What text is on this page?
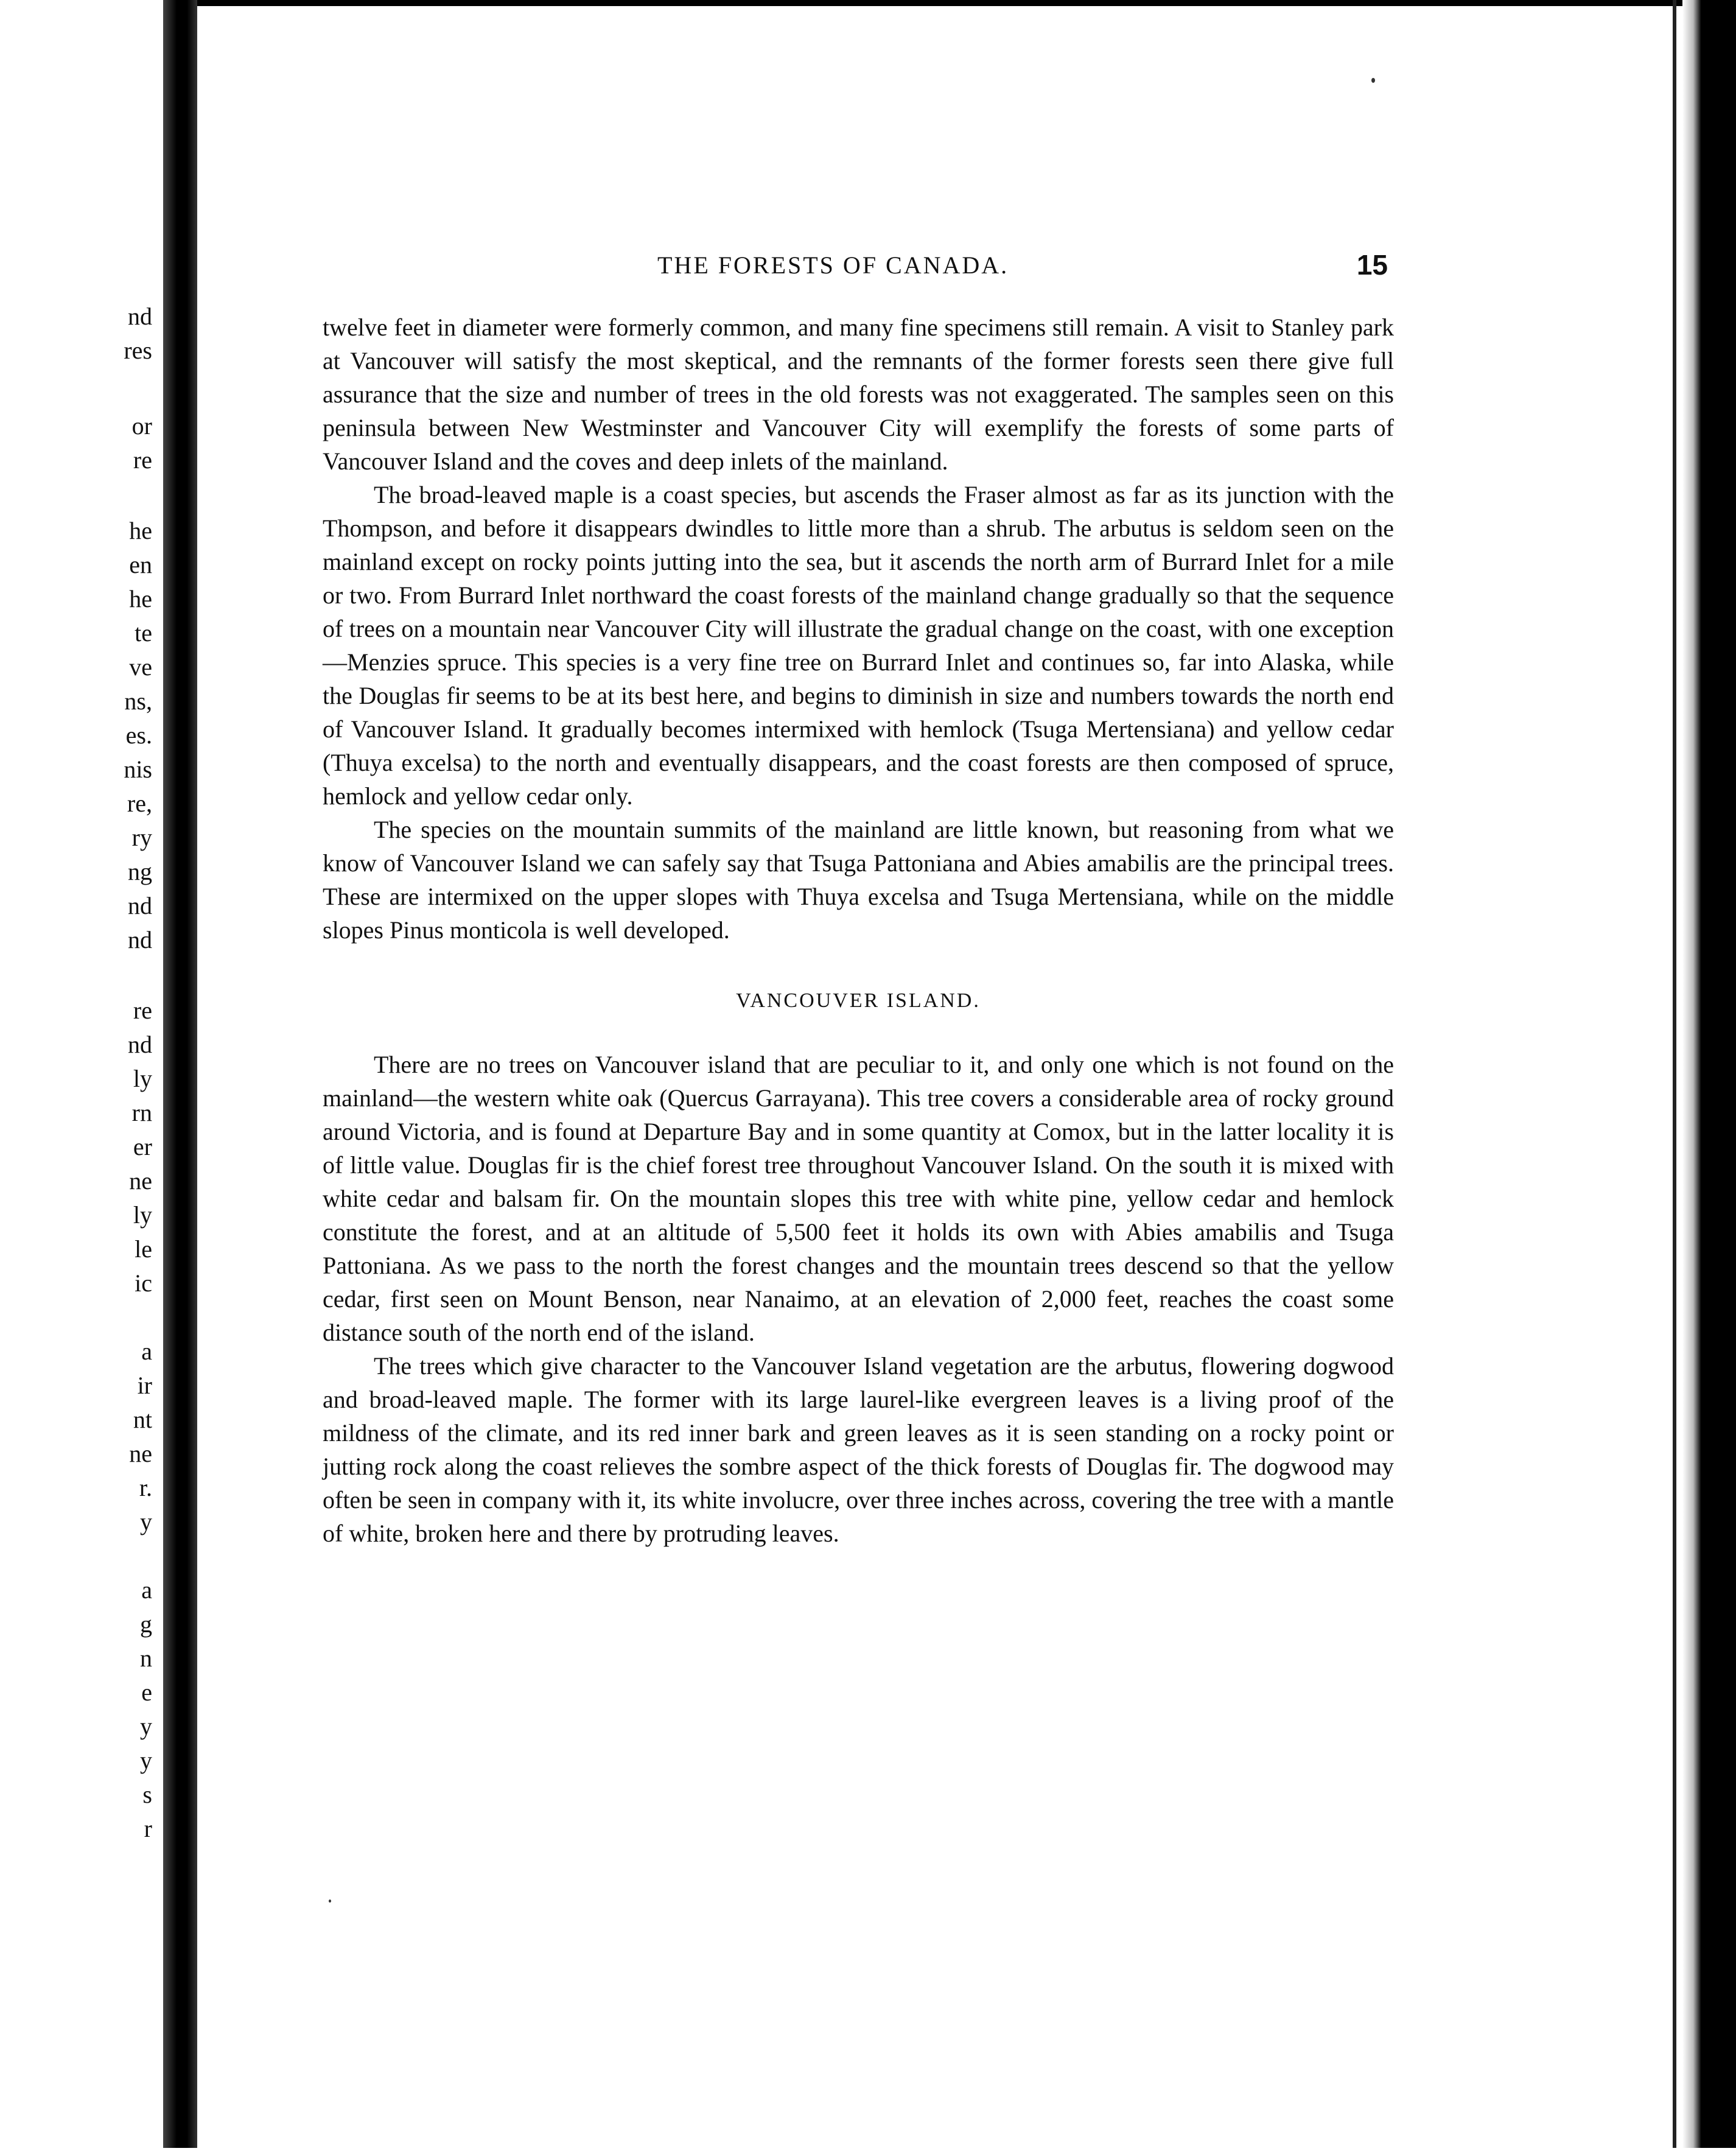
nd
res
or
re
he
en
he
te
ve
ns,
es.
nis
re,
ry
ng
nd
nd
re
nd
ly
rn
er
ne
ly
le
ic
a
ir
nt
ne
r.
y
a
g
n
e
y
y
s
r
THE FORESTS OF CANADA.	15

twelve feet in diameter were formerly common, and many fine specimens still remain. A visit to Stanley park at Vancouver will satisfy the most skeptical, and the remnants of the former forests seen there give full assurance that the size and number of trees in the old forests was not exaggerated. The samples seen on this peninsula between New Westminster and Vancouver City will exemplify the forests of some parts of Vancouver Island and the coves and deep inlets of the mainland.

The broad-leaved maple is a coast species, but ascends the Fraser almost as far as its junction with the Thompson, and before it disappears dwindles to little more than a shrub. The arbutus is seldom seen on the mainland except on rocky points jutting into the sea, but it ascends the north arm of Burrard Inlet for a mile or two. From Burrard Inlet northward the coast forests of the mainland change gradually so that the sequence of trees on a mountain near Vancouver City will illustrate the gradual change on the coast, with one exception—Menzies spruce. This species is a very fine tree on Burrard Inlet and continues so, far into Alaska, while the Douglas fir seems to be at its best here, and begins to diminish in size and numbers towards the north end of Vancouver Island. It gradually becomes intermixed with hemlock (Tsuga Mertensiana) and yellow cedar (Thuya excelsa) to the north and eventually disappears, and the coast forests are then composed of spruce, hemlock and yellow cedar only.

The species on the mountain summits of the mainland are little known, but reasoning from what we know of Vancouver Island we can safely say that Tsuga Pattoniana and Abies amabilis are the principal trees. These are intermixed on the upper slopes with Thuya excelsa and Tsuga Mertensiana, while on the middle slopes Pinus monticola is well developed.

VANCOUVER ISLAND.

There are no trees on Vancouver island that are peculiar to it, and only one which is not found on the mainland—the western white oak (Quercus Garrayana). This tree covers a considerable area of rocky ground around Victoria, and is found at Departure Bay and in some quantity at Comox, but in the latter locality it is of little value. Douglas fir is the chief forest tree throughout Vancouver Island. On the south it is mixed with white cedar and balsam fir. On the mountain slopes this tree with white pine, yellow cedar and hemlock constitute the forest, and at an altitude of 5,500 feet it holds its own with Abies amabilis and Tsuga Pattoniana. As we pass to the north the forest changes and the mountain trees descend so that the yellow cedar, first seen on Mount Benson, near Nanaimo, at an elevation of 2,000 feet, reaches the coast some distance south of the north end of the island.

The trees which give character to the Vancouver Island vegetation are the arbutus, flowering dogwood and broad-leaved maple. The former with its large laurel-like evergreen leaves is a living proof of the mildness of the climate, and its red inner bark and green leaves as it is seen standing on a rocky point or jutting rock along the coast relieves the sombre aspect of the thick forests of Douglas fir. The dogwood may often be seen in company with it, its white involucre, over three inches across, covering the tree with a mantle of white, broken here and there by protruding leaves.
